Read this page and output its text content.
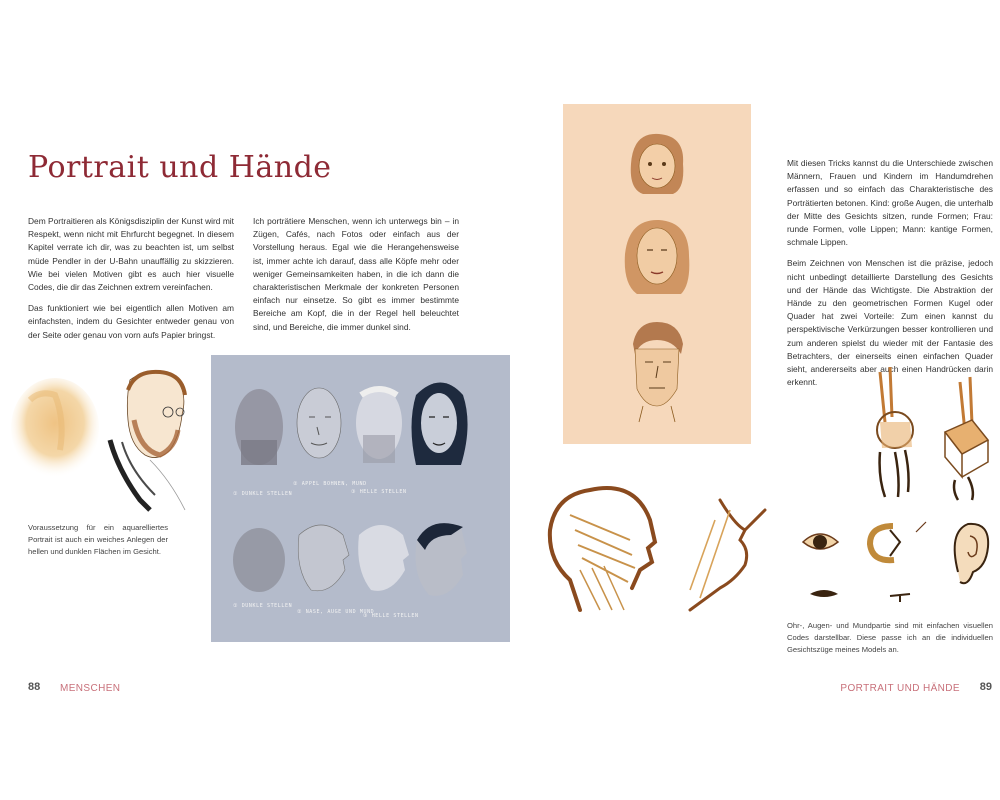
Portrait und Hände

Dem Portraitieren als Königsdisziplin der Kunst wird mit Respekt, wenn nicht mit Ehrfurcht begegnet. In diesem Kapitel verrate ich dir, was zu beachten ist, um selbst müde Pendler in der U-Bahn unauffällig zu skizzieren. Wie bei vielen Motiven gibt es auch hier visuelle Codes, die dir das Zeichnen extrem vereinfachen.

Das funktioniert wie bei eigentlich allen Motiven am einfachsten, indem du Gesichter entweder genau von der Seite oder genau von vorn aufs Papier bringst.

Ich porträtiere Menschen, wenn ich unterwegs bin – in Zügen, Cafés, nach Fotos oder einfach aus der Vorstellung heraus. Egal wie die Herangehensweise ist, immer achte ich darauf, dass alle Köpfe mehr oder weniger Gemeinsamkeiten haben, in die ich dann die charakteristischen Merkmale der konkreten Personen einfach nur einsetze. So gibt es immer bestimmte Bereiche am Kopf, die in der Regel hell beleuchtet sind, und Bereiche, die immer dunkel sind.

Mit diesen Tricks kannst du die Unterschiede zwischen Männern, Frauen und Kindern im Handumdrehen erfassen und so einfach das Charakteristische des Porträtierten betonen. Kind: große Augen, die unterhalb der Mitte des Gesichts sitzen, runde Formen; Frau: runde Formen, volle Lippen; Mann: kantige Formen, schmale Lippen.

Beim Zeichnen von Menschen ist die präzise, jedoch nicht unbedingt detaillierte Darstellung des Gesichts und der Hände das Wichtigste. Die Abstraktion der Hände zu den geometrischen Formen Kugel oder Quader hat zwei Vorteile: Zum einen kannst du perspektivische Verkürzungen besser kontrollieren und zum anderen spielst du wieder mit der Fantasie des Betrachters, der einerseits einen einfachen Quader sieht, andererseits aber auch einen Handrücken darin erkennt.

Voraussetzung für ein aquarelliertes Portrait ist auch ein weiches Anlegen der hellen und dunklen Flächen im Gesicht.

① DUNKLE STELLEN
② APPEL BOHNEN, MUND
③ HELLE STELLEN
① DUNKLE STELLEN
② NASE, AUGE UND MUND
③ HELLE STELLEN

Ohr-, Augen- und Mundpartie sind mit einfachen visuellen Codes darstellbar. Diese passe ich an die individuellen Gesichtszüge meines Models an.

88 MENSCHEN	PORTRAIT UND HÄNDE 89
